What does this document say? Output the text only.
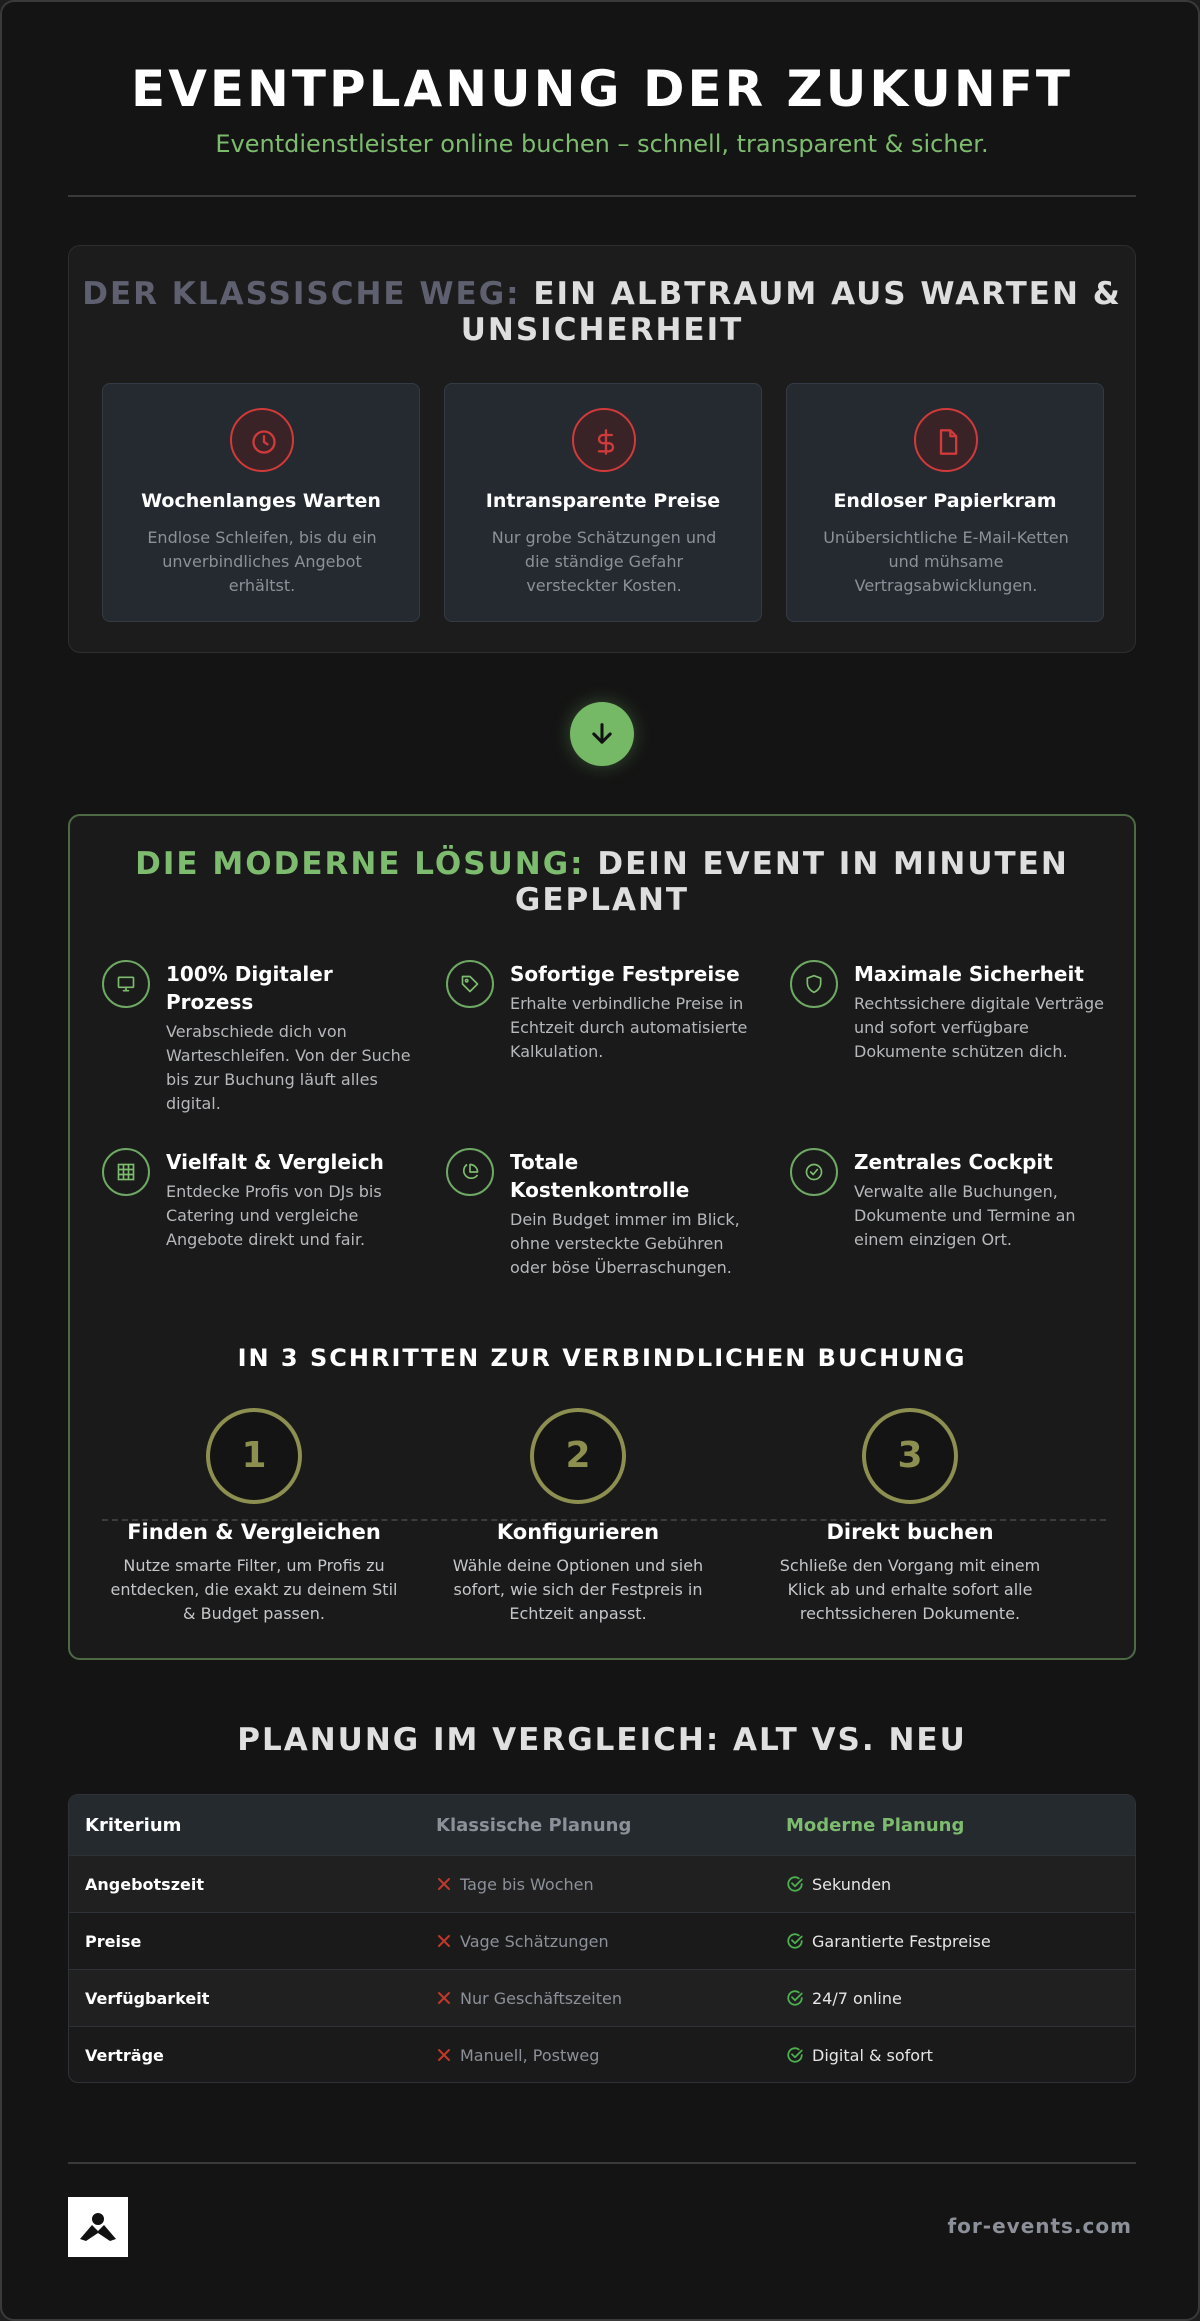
EVENTPLANUNG DER ZUKUNFT

Eventdienstleister online buchen – schnell, transparent & sicher.

DER KLASSISCHE WEG: EIN ALBTRAUM AUS WARTEN & UNSICHERHEIT
Wochenlanges Warten
Endlose Schleifen, bis du ein unverbindliches Angebot erhältst.
Intransparente Preise
Nur grobe Schätzungen und die ständige Gefahr versteckter Kosten.
Endloser Papierkram
Unübersichtliche E-Mail-Ketten und mühsame Vertragsabwicklungen.
DIE MODERNE LÖSUNG: DEIN EVENT IN MINUTEN GEPLANT
100% Digitaler Prozess
Verabschiede dich von Warteschleifen. Von der Suche bis zur Buchung läuft alles digital.
Sofortige Festpreise
Erhalte verbindliche Preise in Echtzeit durch automatisierte Kalkulation.
Maximale Sicherheit
Rechtssichere digitale Verträge und sofort verfügbare Dokumente schützen dich.
Vielfalt & Vergleich
Entdecke Profis von DJs bis Catering und vergleiche Angebote direkt und fair.
Totale Kostenkontrolle
Dein Budget immer im Blick, ohne versteckte Gebühren oder böse Überraschungen.
Zentrales Cockpit
Verwalte alle Buchungen, Dokumente und Termine an einem einzigen Ort.
IN 3 SCHRITTEN ZUR VERBINDLICHEN BUCHUNG
1
Finden & Vergleichen
Nutze smarte Filter, um Profis zu entdecken, die exakt zu deinem Stil & Budget passen.
2
Konfigurieren
Wähle deine Optionen und sieh sofort, wie sich der Festpreis in Echtzeit anpasst.
3
Direkt buchen
Schließe den Vorgang mit einem Klick ab und erhalte sofort alle rechtssicheren Dokumente.
PLANUNG IM VERGLEICH: ALT VS. NEU
Kriterium	Klassische Planung	Moderne Planung
Angebotszeit	Tage bis Wochen	Sekunden
Preise	Vage Schätzungen	Garantierte Festpreise
Verfügbarkeit	Nur Geschäftszeiten	24/7 online
Verträge	Manuell, Postweg	Digital & sofort
for-events.com
